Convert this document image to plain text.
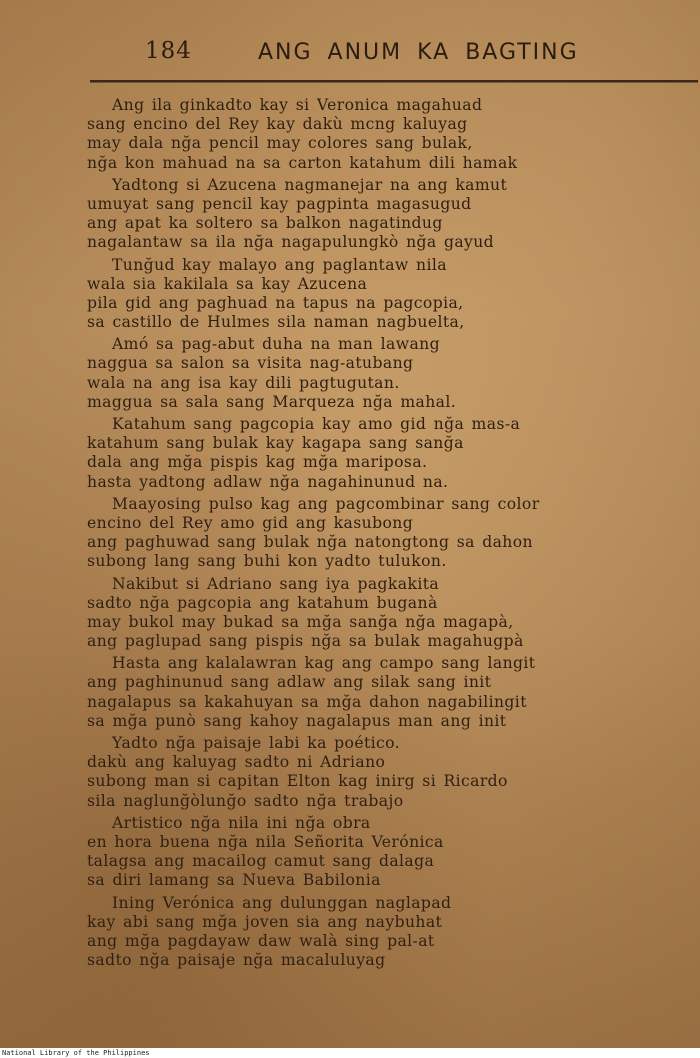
184	ANG ANUM KA BAGTING
Ang ila ginkadto kay si Veronica magahuad
sang encino del Rey kay dakù mcng kaluyag
may dala nğa pencil may colores sang bulak,
nğa kon mahuad na sa carton katahum dili hamak
Yadtong si Azucena nagmanejar na ang kamut
umuyat sang pencil kay pagpinta magasugud
ang apat ka soltero sa balkon nagatindug
nagalantaw sa ila nğa nagapulungkò nğa gayud
Tunğud kay malayo ang paglantaw nila
wala sia kakilala sa kay Azucena
pila gid ang paghuad na tapus na pagcopia,
sa castillo de Hulmes sila naman nagbuelta,
Amó sa pag-abut duha na man lawang
naggua sa salon sa visita nag-atubang
wala na ang isa kay dili pagtugutan.
maggua sa sala sang Marqueza nğa mahal.
Katahum sang pagcopia kay amo gid nğa mas-a
katahum sang bulak kay kagapa sang sanğa
dala ang mğa pispis kag mğa mariposa.
hasta yadtong adlaw nğa nagahinunud na.
Maayosing pulso kag ang pagcombinar sang color
encino del Rey amo gid ang kasubong
ang paghuwad sang bulak nğa natongtong sa dahon
subong lang sang buhi kon yadto tulukon.
Nakibut si Adriano sang iya pagkakita
sadto nğa pagcopia ang katahum buganà
may bukol may bukad sa mğa sanğa nğa magapà,
ang paglupad sang pispis nğa sa bulak magahugpà
Hasta ang kalalawran kag ang campo sang langit
ang paghinunud sang adlaw ang silak sang init
nagalapus sa kakahuyan sa mğa dahon nagabilingit
sa mğa punò sang kahoy nagalapus man ang init
Yadto nğa paisaje labi ka poético.
dakù ang kaluyag sadto ni Adriano
subong man si capitan Elton kag inirg si Ricardo
sila naglunğòlunğo sadto nğa trabajo
Artistico nğa nila ini nğa obra
en hora buena nğa nila Señorita Verónica
talagsa ang macailog camut sang dalaga
sa diri lamang sa Nueva Babilonia
Ining Verónica ang dulunggan naglapad
kay abi sang mğa joven sia ang naybuhat
ang mğa pagdayaw daw walà sing pal-at
sadto nğa paisaje nğa macaluluyag
National Library of the Philippines
